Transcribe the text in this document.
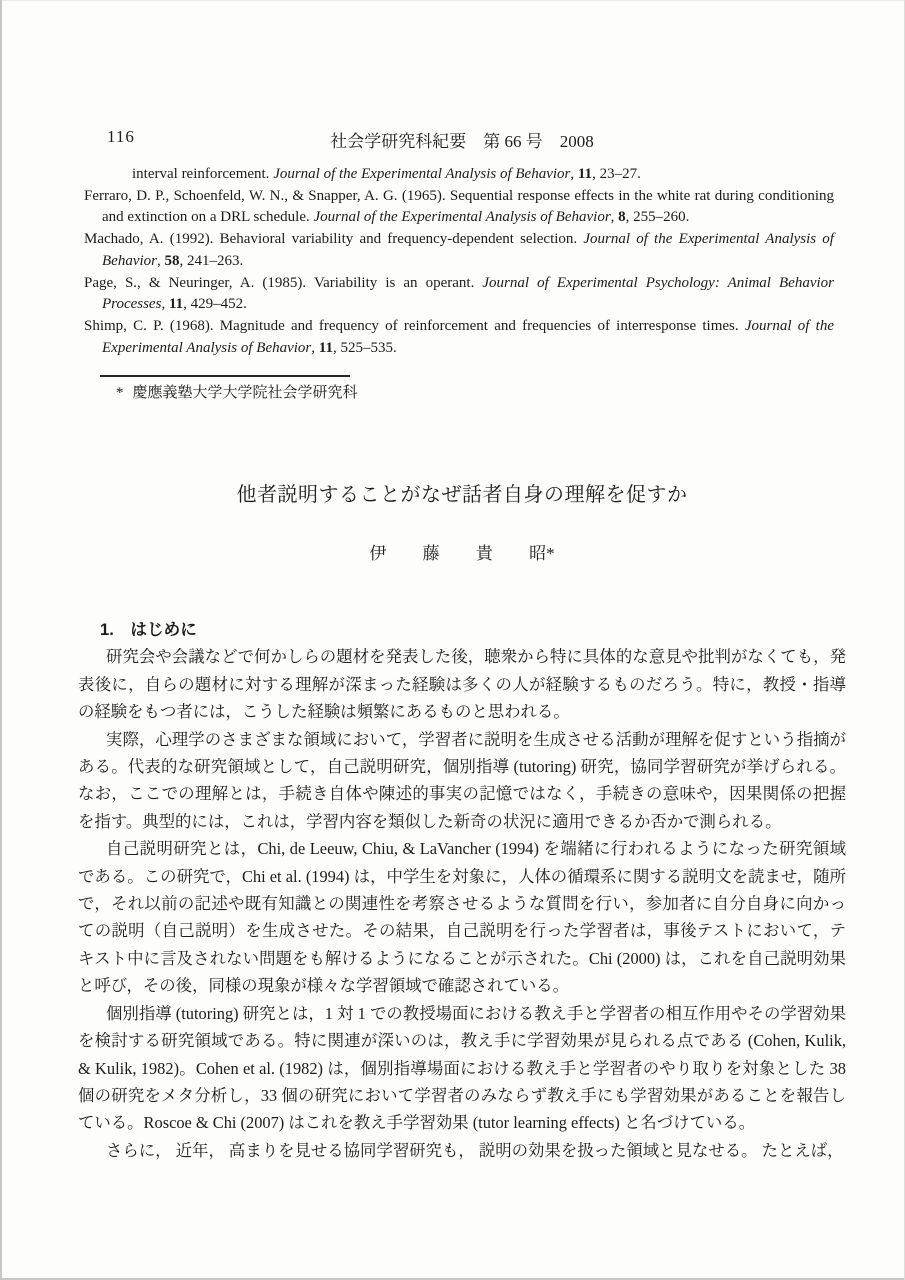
116	社会学研究科紀要　第 66 号　2008
interval reinforcement. Journal of the Experimental Analysis of Behavior, 11, 23–27.
Ferraro, D. P., Schoenfeld, W. N., & Snapper, A. G. (1965). Sequential response effects in the white rat during conditioning and extinction on a DRL schedule. Journal of the Experimental Analysis of Behavior, 8, 255–260.
Machado, A. (1992). Behavioral variability and frequency-dependent selection. Journal of the Experimental Analysis of Behavior, 58, 241–263.
Page, S., & Neuringer, A. (1985). Variability is an operant. Journal of Experimental Psychology: Animal Behavior Processes, 11, 429–452.
Shimp, C. P. (1968). Magnitude and frequency of reinforcement and frequencies of interresponse times. Journal of the Experimental Analysis of Behavior, 11, 525–535.
* 慶應義塾大学大学院社会学研究科
他者説明することがなぜ話者自身の理解を促すか
伊 藤 貴 昭*
1.　はじめに

研究会や会議などで何かしらの題材を発表した後，聴衆から特に具体的な意見や批判がなくても，発表後に，自らの題材に対する理解が深まった経験は多くの人が経験するものだろう。特に，教授・指導の経験をもつ者には，こうした経験は頻繁にあるものと思われる。

実際，心理学のさまざまな領域において，学習者に説明を生成させる活動が理解を促すという指摘がある。代表的な研究領域として，自己説明研究，個別指導 (tutoring) 研究，協同学習研究が挙げられる。なお，ここでの理解とは，手続き自体や陳述的事実の記憶ではなく，手続きの意味や，因果関係の把握を指す。典型的には，これは，学習内容を類似した新奇の状況に適用できるか否かで測られる。

自己説明研究とは，Chi, de Leeuw, Chiu, & LaVancher (1994) を端緒に行われるようになった研究領域である。この研究で，Chi et al. (1994) は，中学生を対象に，人体の循環系に関する説明文を読ませ，随所で，それ以前の記述や既有知識との関連性を考察させるような質問を行い，参加者に自分自身に向かっての説明（自己説明）を生成させた。その結果，自己説明を行った学習者は，事後テストにおいて，テキスト中に言及されない問題をも解けるようになることが示された。Chi (2000) は，これを自己説明効果と呼び，その後，同様の現象が様々な学習領域で確認されている。

個別指導 (tutoring) 研究とは，1 対 1 での教授場面における教え手と学習者の相互作用やその学習効果を検討する研究領域である。特に関連が深いのは，教え手に学習効果が見られる点である (Cohen, Kulik, & Kulik, 1982)。Cohen et al. (1982) は，個別指導場面における教え手と学習者のやり取りを対象とした 38 個の研究をメタ分析し，33 個の研究において学習者のみならず教え手にも学習効果があることを報告している。Roscoe & Chi (2007) はこれを教え手学習効果 (tutor learning effects) と名づけている。

さらに， 近年， 高まりを見せる協同学習研究も， 説明の効果を扱った領域と見なせる。 たとえば，
